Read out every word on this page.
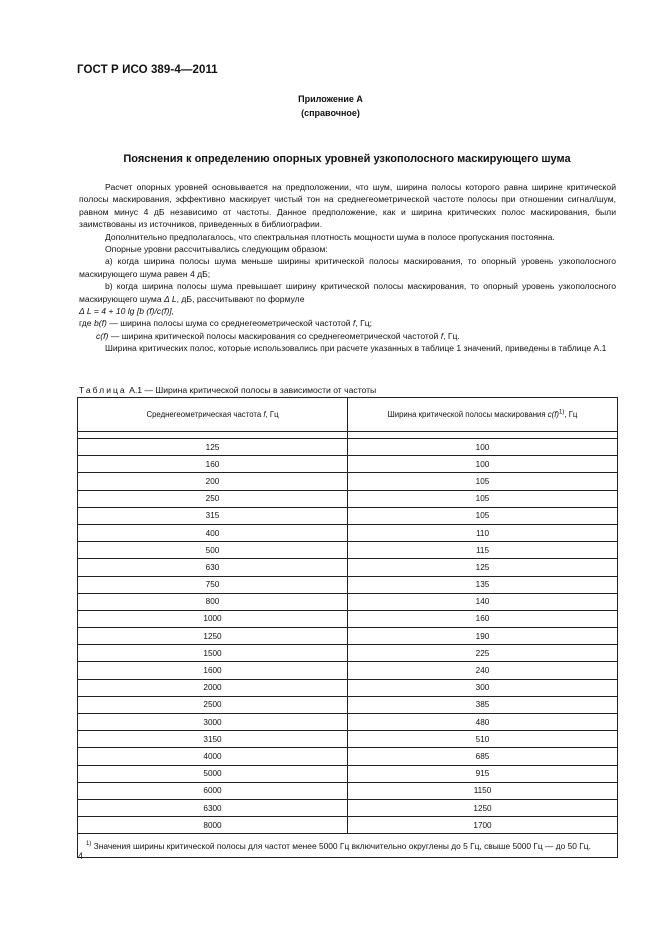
ГОСТ Р ИСО 389-4—2011
Приложение А
(справочное)
Пояснения к определению опорных уровней узкополосного маскирующего шума

Расчет опорных уровней основывается на предположении, что шум, ширина полосы которого равна ширине критической полосы маскирования, эффективно маскирует чистый тон на среднегеометрической частоте полосы при отношении сигнал/шум, равном минус 4 дБ независимо от частоты. Данное предположение, как и ширина критических полос маскирования, были заимствованы из источников, приведенных в библиографии.

Дополнительно предполагалось, что спектральная плотность мощности шума в полосе пропускания постоянна.

Опорные уровни рассчитывались следующим образом:

a) когда ширина полосы шума меньше ширины критической полосы маскирования, то опорный уровень узкополосного маскирующего шума равен 4 дБ;

b) когда ширина полосы шума превышает ширину критической полосы маскирования, то опорный уровень узкополосного маскирующего шума Δ L, дБ, рассчитывают по формуле

Δ L = 4 + 10 lg [b (f)/c(f)],

где b(f) — ширина полосы шума со среднегеометрической частотой f, Гц;

c(f) — ширина критической полосы маскирования со среднегеометрической частотой f, Гц.

Ширина критических полос, которые использовались при расчете указанных в таблице 1 значений, приведены в таблице А.1

Таблица А.1 — Ширина критической полосы в зависимости от частоты
Среднегеометрическая частота f, Гц	Ширина критической полосы маскирования $c(f)^{1)}$, Гц

125	100
160	100
200	105
250	105
315	105
400	110
500	115
630	125
750	135
800	140
1000	160
1250	190
1500	225
1600	240
2000	300
2500	385
3000	480
3150	510
4000	685
5000	915
6000	1150
6300	1250
8000	1700
$^{1)}$ Значения ширины критической полосы для частот менее 5000 Гц включительно округлены до 5 Гц, свыше 5000 Гц — до 50 Гц.	
4
